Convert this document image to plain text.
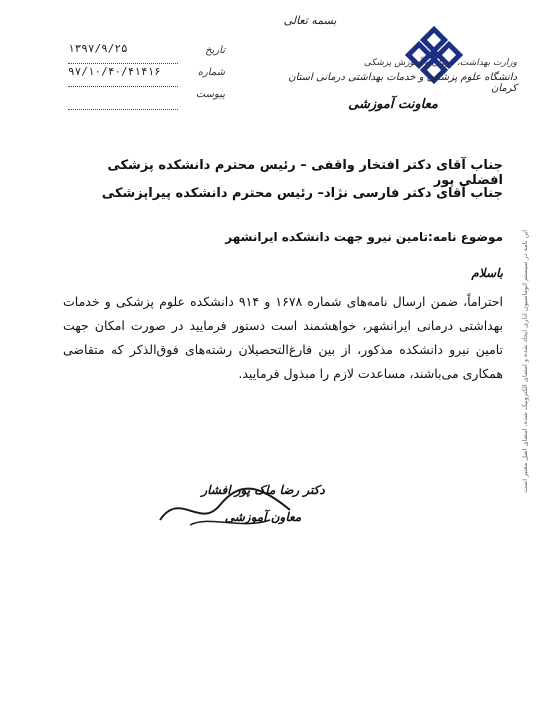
بسمه تعالی
وزارت بهداشت، درمان و آموزش پزشکی
دانشگاه علوم پزشکی و خدمات بهداشتی درمانی استان کرمان
معاونت آموزشی
تاریخ
شماره
پیوست
۱۳۹۷/۹/۲۵
۹۷/۱۰/۴۰/۴۱۴۱۶
جناب آقای دکتر افتخار واقفی – رئیس محترم دانشکده پزشکی افضلی پور
جناب آقای دکتر فارسی نژاد– رئیس محترم دانشکده پیراپزشکی
موضوع نامه:تامین نیرو جهت دانشکده ایرانشهر
باسلام
احتراماً، ضمن ارسال نامه‌های شماره ۱۶۷۸ و ۹۱۴ دانشکده علوم پزشکی و خدمات بهداشتی درمانی ایرانشهر، خواهشمند است دستور فرمایید در صورت امکان جهت تامین نیرو دانشکده مذکور، از بین فارغ‌التحصیلان رشته‌های فوق‌الذکر که متقاضی همکاری می‌باشند، مساعدت لازم را مبذول فرمایید.
دکتر رضا ملک پور افشار
معاون آموزشی
این نامه در سیستم اتوماسیون اداری ایجاد شده و امضای الکترونیک شده، امضای اصل معتبر است
